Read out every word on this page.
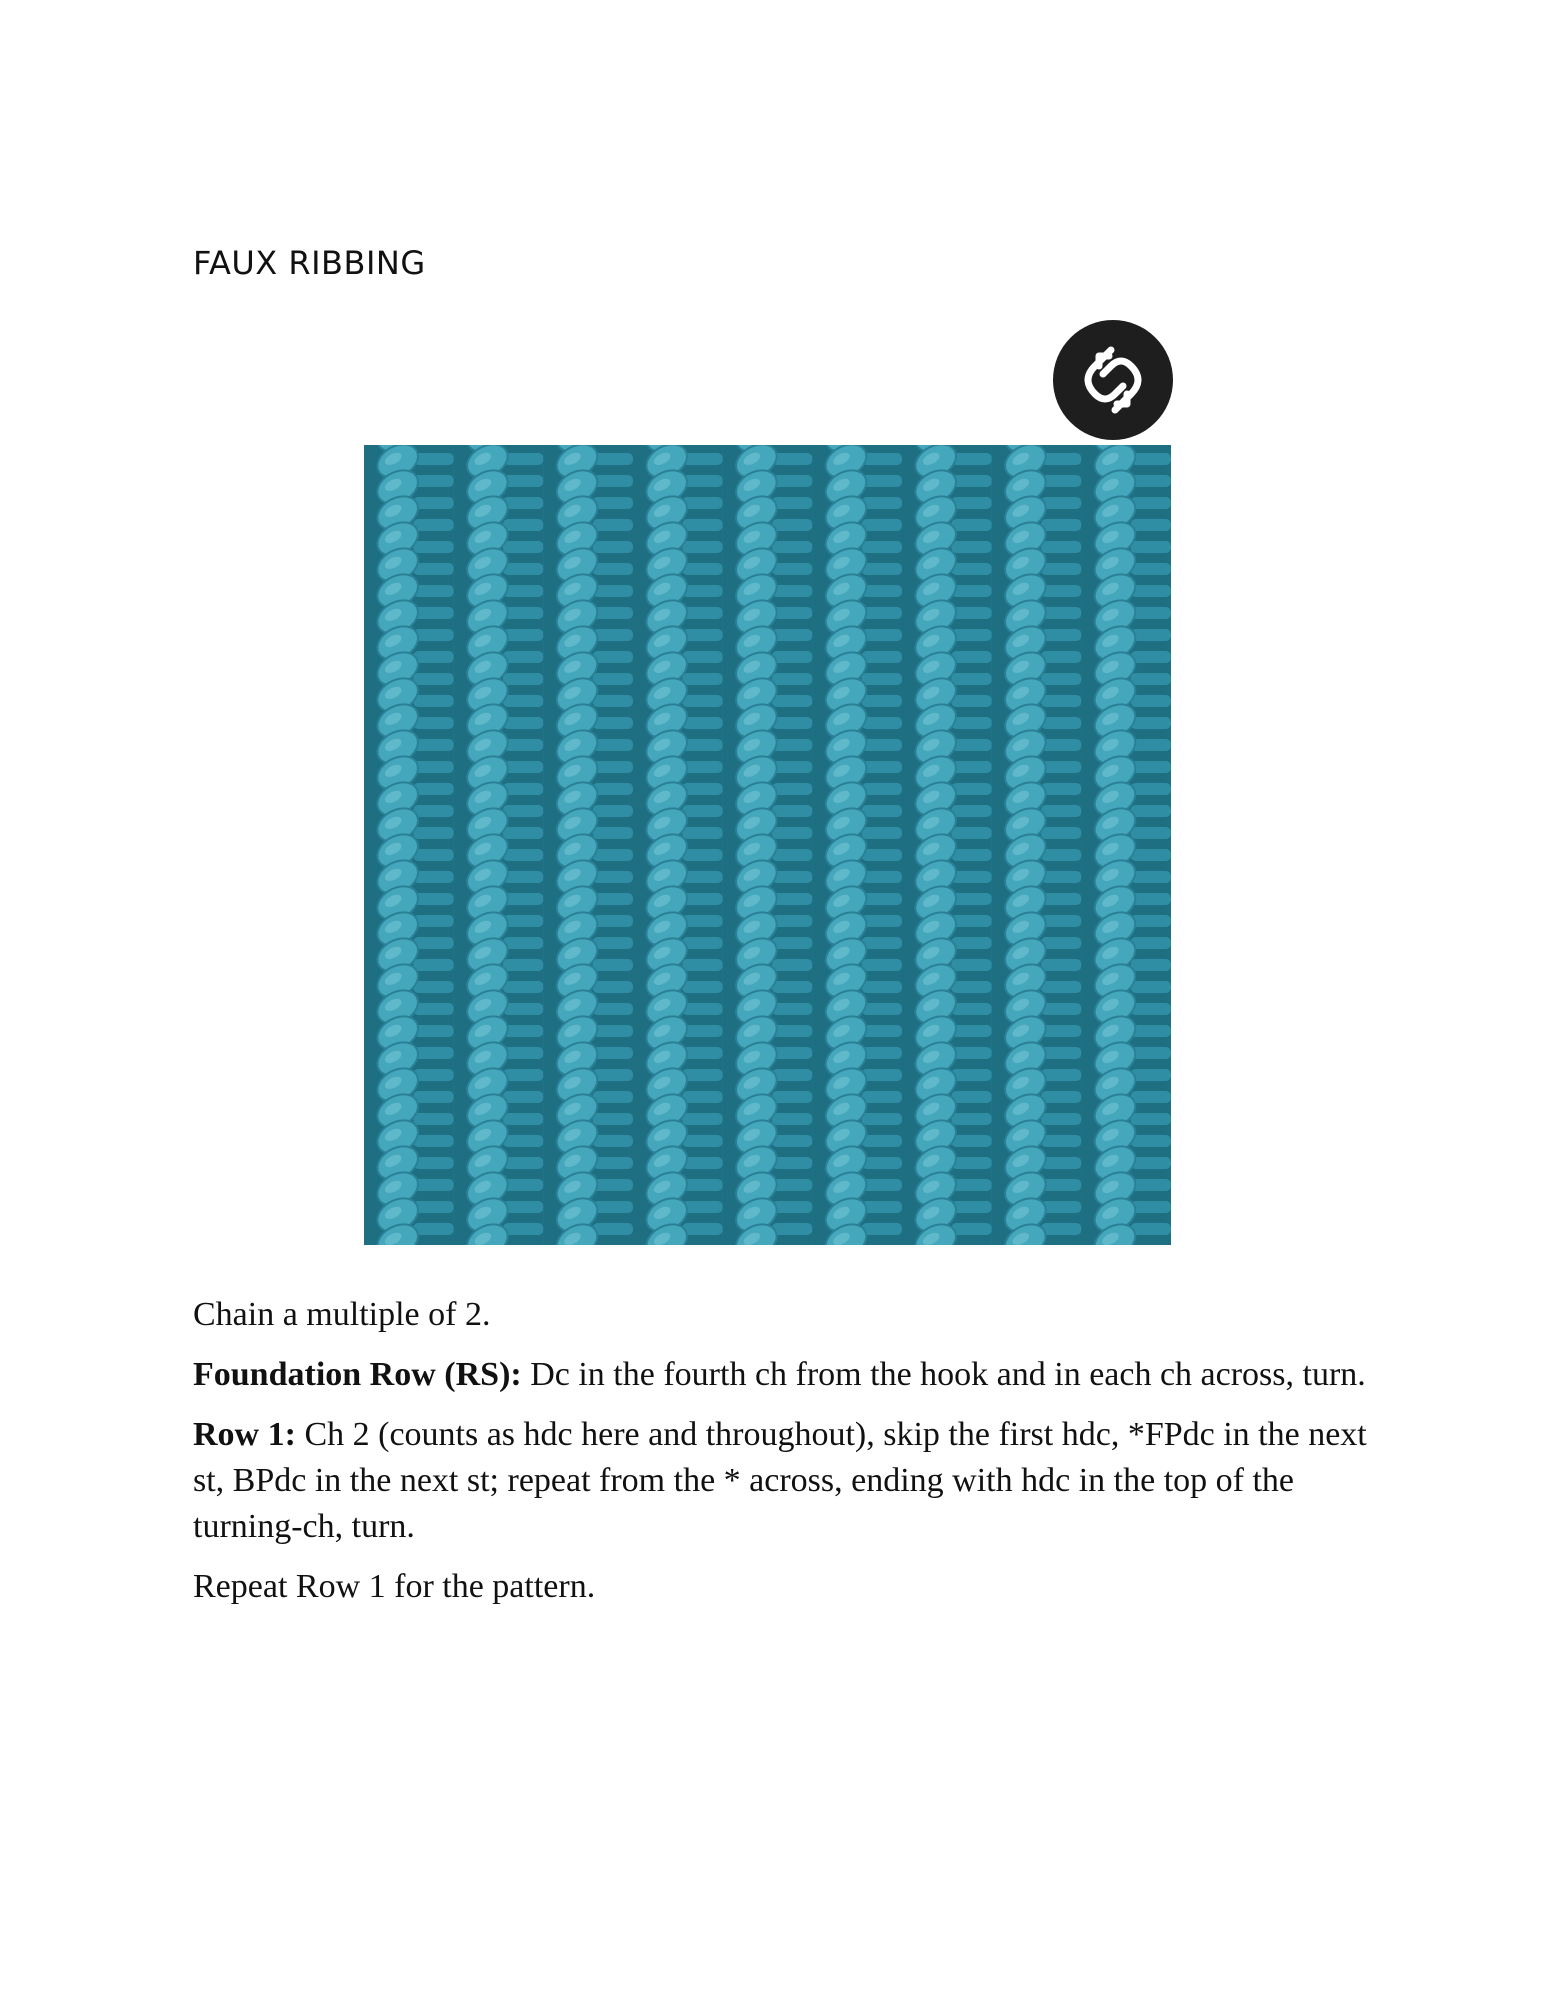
FAUX RIBBING

Chain a multiple of 2.

Foundation Row (RS): Dc in the fourth ch from the hook and in each ch across, turn.

Row 1: Ch 2 (counts as hdc here and throughout), skip the first hdc, *FPdc in the next st, BPdc in the next st; repeat from the * across, ending with hdc in the top of the turning-ch, turn.

Repeat Row 1 for the pattern.
